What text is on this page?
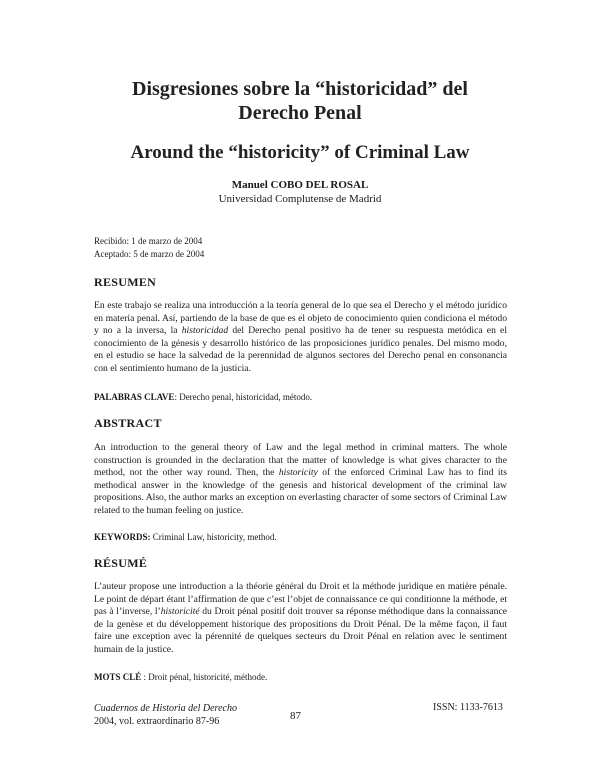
Disgresiones sobre la “historicidad” del
Derecho Penal
Around the “historicity” of Criminal Law
Manuel COBO DEL ROSAL
Universidad Complutense de Madrid
Recibido: 1 de marzo de 2004
Aceptado: 5 de marzo de 2004
RESUMEN

En este trabajo se realiza una introducción a la teoría general de lo que sea el Derecho y el método jurídico en materia penal. Así, partiendo de la base de que es el objeto de conocimiento quien condiciona el método y no a la inversa, la historicidad del Derecho penal positivo ha de tener su respuesta metódica en el conocimiento de la génesis y desarrollo histórico de las proposiciones jurídico penales. Del mismo modo, en el estudio se hace la salvedad de la perennidad de algunos sectores del Derecho penal en consonancia con el sentimiento humano de la justicia.

PALABRAS CLAVE: Derecho penal, historicidad, método.
ABSTRACT

An introduction to the general theory of Law and the legal method in criminal matters. The whole construction is grounded in the declaration that the matter of knowledge is what gives character to the method, not the other way round. Then, the historicity of the enforced Criminal Law has to find its methodical answer in the knowledge of the genesis and historical development of the criminal law propositions. Also, the author marks an exception on everlasting character of some sectors of Criminal Law related to the human feeling on justice.

KEYWORDS: Criminal Law, historicity, method.
RÉSUMÉ

L’auteur propose une introduction a la théorie général du Droit et la méthode juridique en matière pénale. Le point de départ étant l’affirmation de que c’est l’objet de connaissance ce qui conditionne la méthode, et pas à l’inverse, l’historicité du Droit pénal positif doit trouver sa réponse méthodique dans la connaissance de la genèse et du développement historique des propositions du Droit Pénal. De la même façon, il faut faire une exception avec la pérennité de quelques secteurs du Droit Pénal en relation avec le sentiment humain de la justice.

MOTS CLÉ : Droit pénal, historicité, méthode.
Cuadernos de Historia del Derecho
2004, vol. extraordinario 87-96	87
ISSN: 1133-7613
